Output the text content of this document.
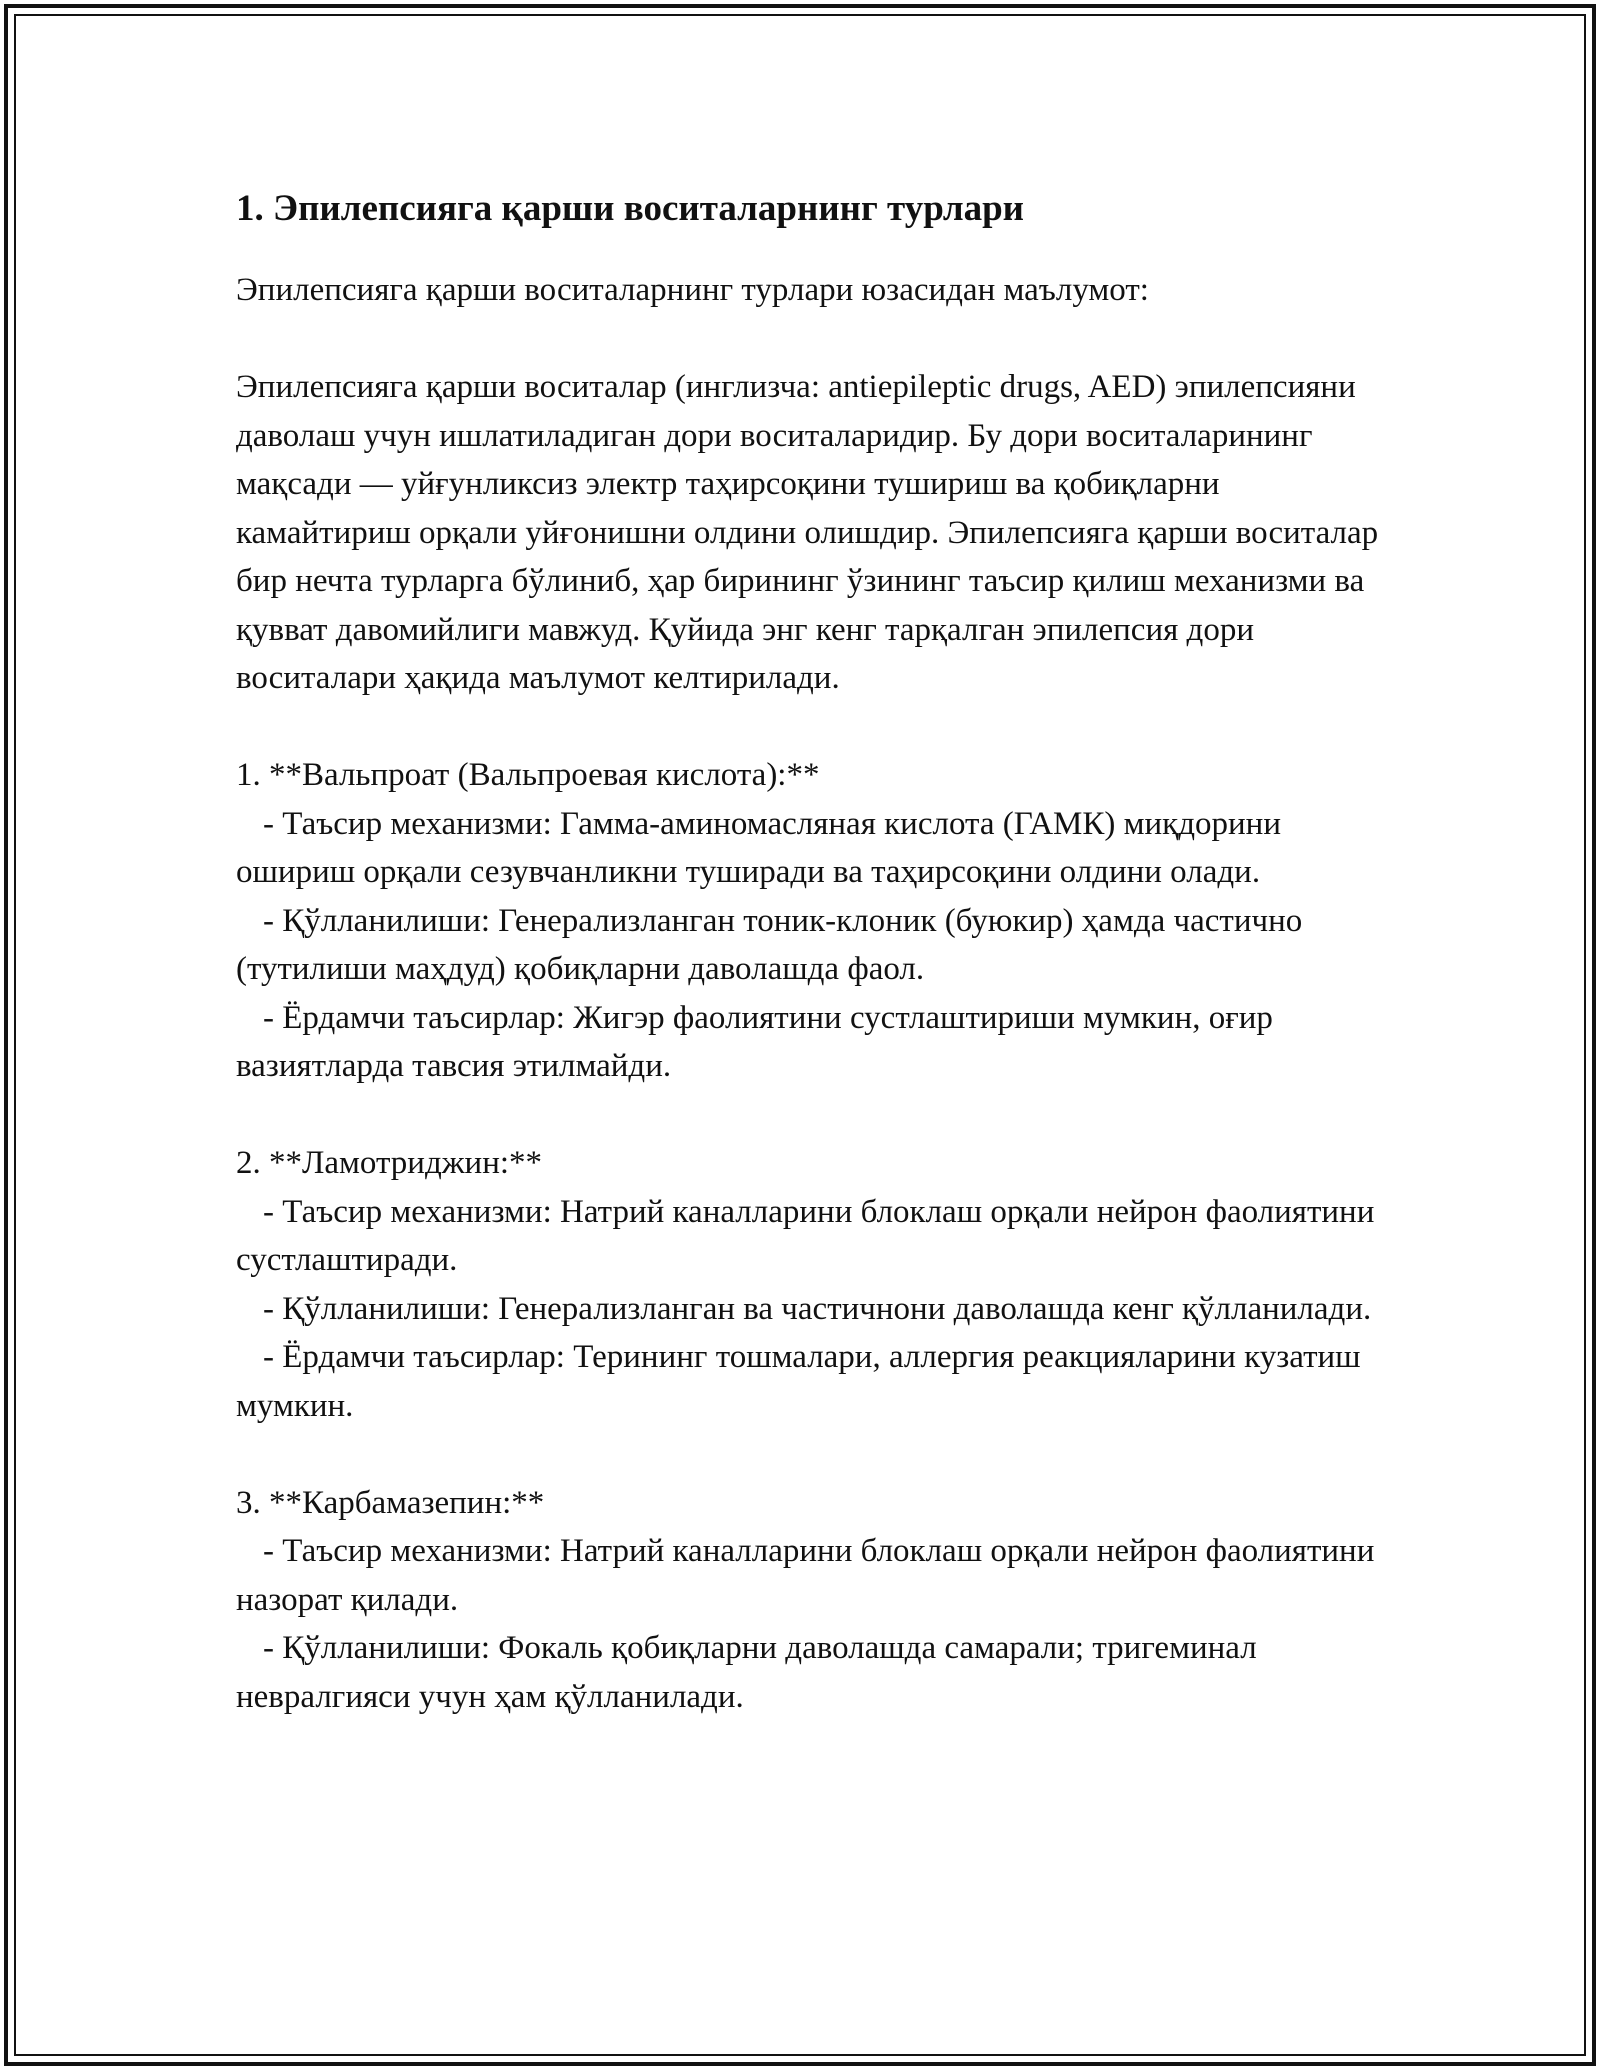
1. Эпилепсияга қарши воситаларнинг турлари

Эпилепсияга қарши воситаларнинг турлари юзасидан маълумот:

Эпилепсияга қарши воситалар (инглизча: antiepileptic drugs, AED) эпилепсияни даволаш учун ишлатиладиган дори воситаларидир. Бу дори воситаларининг мақсади — уйғунликсиз электр таҳирсоқини тушириш ва қобиқларни камайтириш орқали уйғонишни олдини олишдир. Эпилепсияга қарши воситалар бир нечта турларга бўлиниб, ҳар бирининг ўзининг таъсир қилиш механизми ва қувват давомийлиги мавжуд. Қуйида энг кенг тарқалган эпилепсия дори воситалари ҳақида маълумот келтирилади.

1. **Вальпроат (Вальпроевая кислота):**

- Таъсир механизми: Гамма-аминомасляная кислота (ГАМК) миқдорини ошириш орқали сезувчанликни туширади ва таҳирсоқини олдини олади.

- Қўлланилиши: Генерализланган тоник-клоник (буюкир) ҳамда частично (тутилиши маҳдуд) қобиқларни даволашда фаол.

- Ёрдамчи таъсирлар: Жигэр фаолиятини сустлаштириши мумкин, оғир вазиятларда тавсия этилмайди.

2. **Ламотриджин:**

- Таъсир механизми: Натрий каналларини блоклаш орқали нейрон фаолиятини сустлаштиради.

- Қўлланилиши: Генерализланган ва частичнони даволашда кенг қўлланилади.

- Ёрдамчи таъсирлар: Терининг тошмалари, аллергия реакцияларини кузатиш мумкин.

3. **Карбамазепин:**

- Таъсир механизми: Натрий каналларини блоклаш орқали нейрон фаолиятини назорат қилади.

- Қўлланилиши: Фокаль қобиқларни даволашда самарали; тригеминал невралгияси учун ҳам қўлланилади.
